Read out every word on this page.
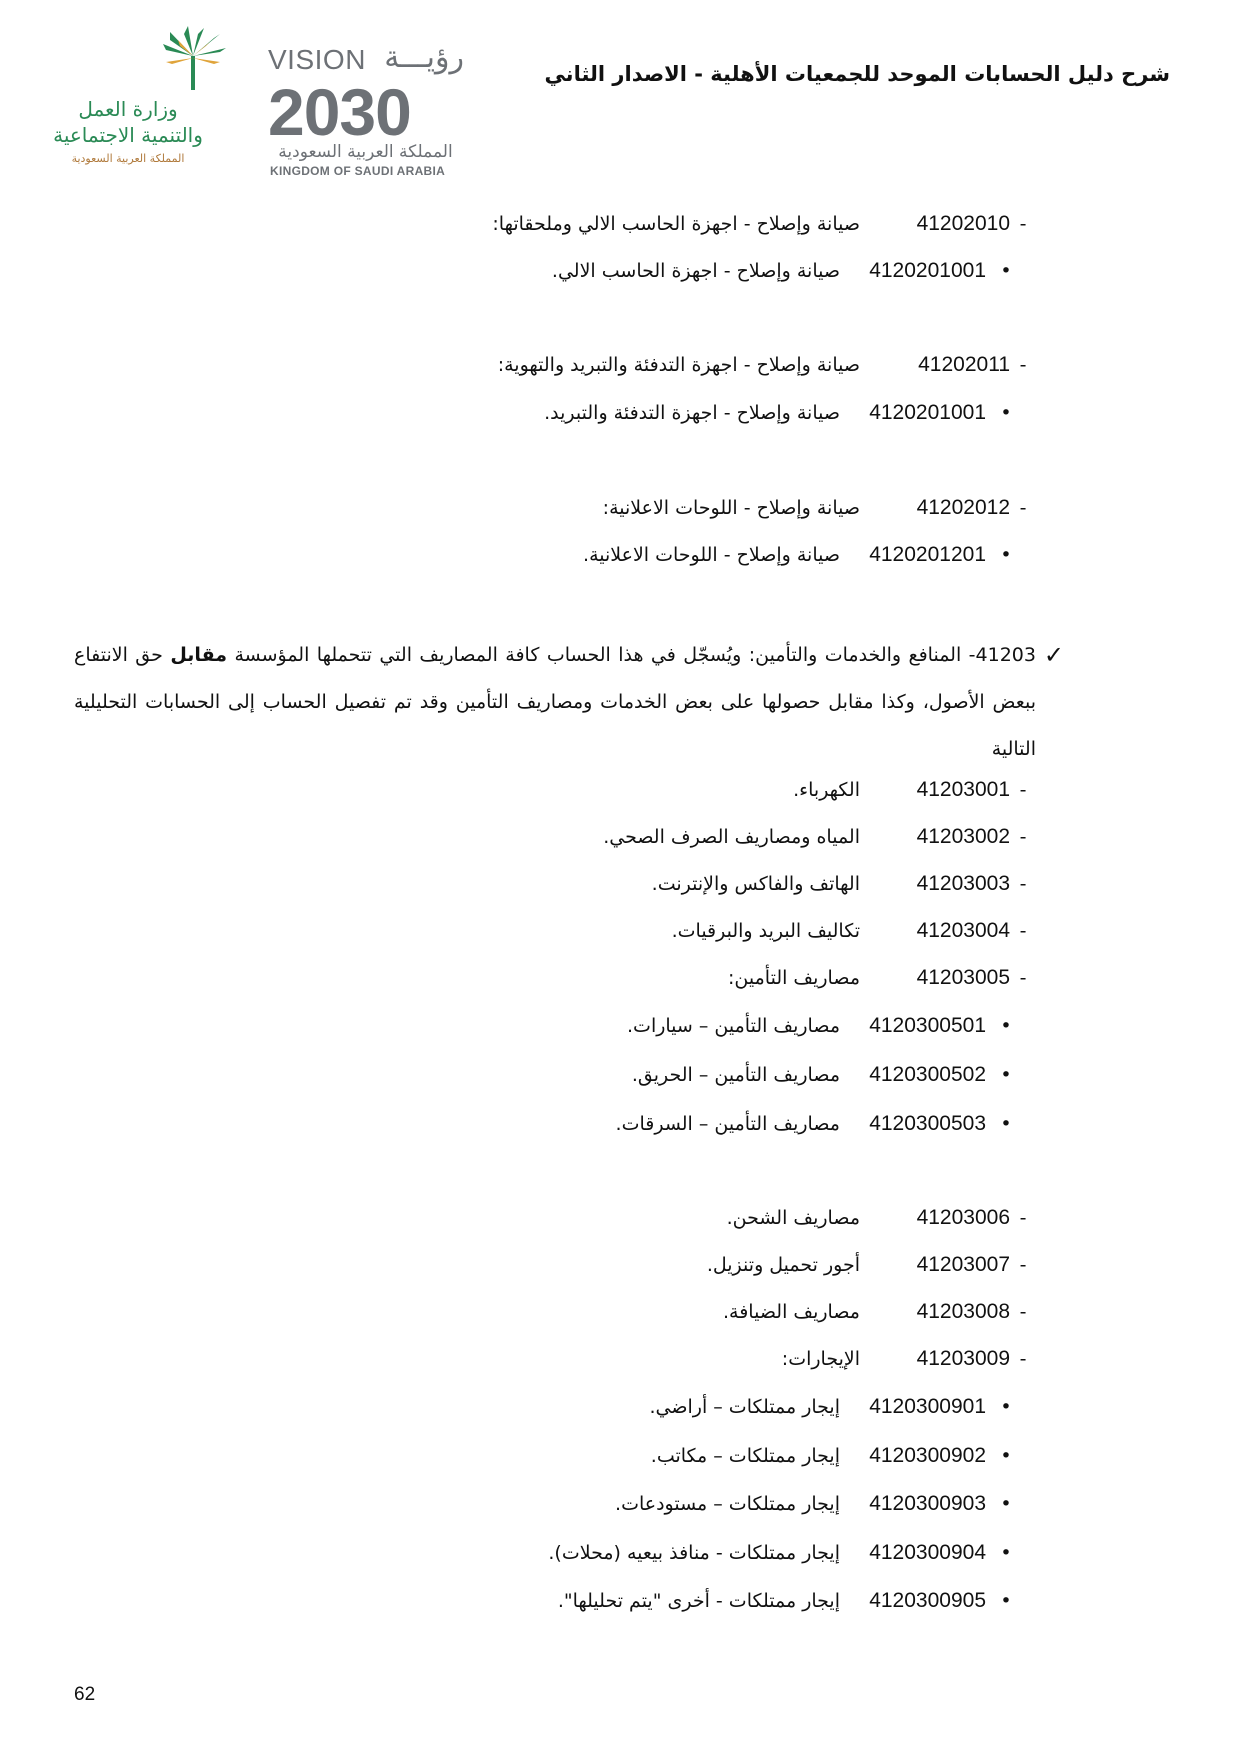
شرح دليل الحسابات الموحد للجمعيات الأهلية - الاصدار الثاني
وزارة العمل
والتنمية الاجتماعية
المملكة العربية السعودية
VISION رؤيـــة
2030
المملكة العربية السعودية
KINGDOM OF SAUDI ARABIA
-41202010صيانة وإصلاح - اجهزة الحاسب الالي وملحقاتها:
•4120201001صيانة وإصلاح - اجهزة الحاسب الالي.
-41202011صيانة وإصلاح - اجهزة التدفئة والتبريد والتهوية:
•4120201001صيانة وإصلاح - اجهزة التدفئة والتبريد.
-41202012صيانة وإصلاح - اللوحات الاعلانية:
•4120201201صيانة وإصلاح - اللوحات الاعلانية.
✓
41203- المنافع والخدمات والتأمين: ويُسجّل في هذا الحساب كافة المصاريف التي تتحملها المؤسسة مقابل حق الانتفاع ببعض الأصول، وكذا مقابل حصولها على بعض الخدمات ومصاريف التأمين وقد تم تفصيل الحساب إلى الحسابات التحليلية التالية
-41203001الكهرباء.
-41203002المياه ومصاريف الصرف الصحي.
-41203003الهاتف والفاكس والإنترنت.
-41203004تكاليف البريد والبرقيات.
-41203005مصاريف التأمين:
•4120300501مصاريف التأمين – سيارات.
•4120300502مصاريف التأمين – الحريق.
•4120300503مصاريف التأمين – السرقات.
-41203006مصاريف الشحن.
-41203007أجور تحميل وتنزيل.
-41203008مصاريف الضيافة.
-41203009الإيجارات:
•4120300901إيجار ممتلكات – أراضي.
•4120300902إيجار ممتلكات – مكاتب.
•4120300903إيجار ممتلكات – مستودعات.
•4120300904إيجار ممتلكات - منافذ بيعيه (محلات).
•4120300905إيجار ممتلكات - أخرى "يتم تحليلها".
62
